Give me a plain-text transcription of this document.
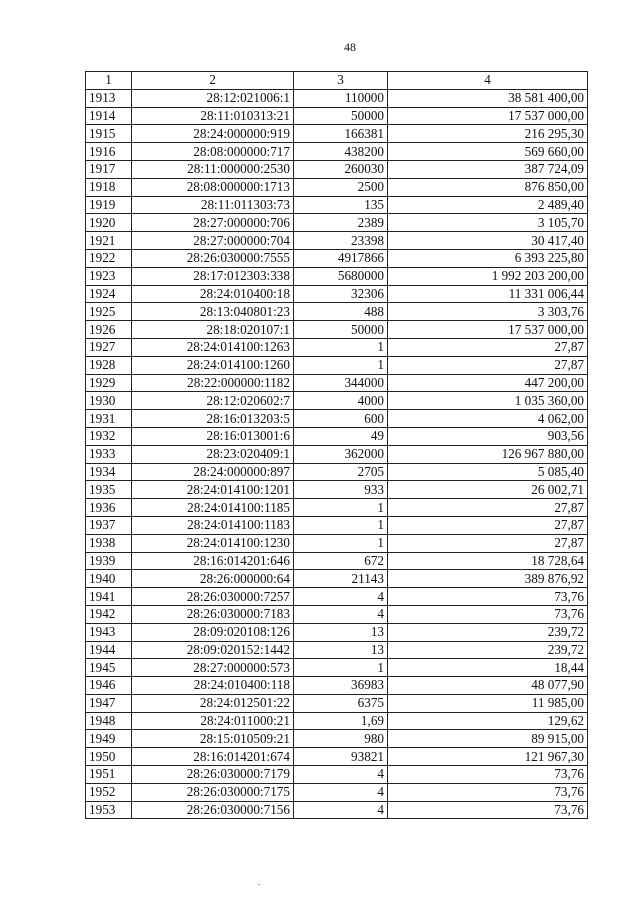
48
1	2	3	4
1913	28:12:021006:1	110000	38 581 400,00
1914	28:11:010313:21	50000	17 537 000,00
1915	28:24:000000:919	166381	216 295,30
1916	28:08:000000:717	438200	569 660,00
1917	28:11:000000:2530	260030	387 724,09
1918	28:08:000000:1713	2500	876 850,00
1919	28:11:011303:73	135	2 489,40
1920	28:27:000000:706	2389	3 105,70
1921	28:27:000000:704	23398	30 417,40
1922	28:26:030000:7555	4917866	6 393 225,80
1923	28:17:012303:338	5680000	1 992 203 200,00
1924	28:24:010400:18	32306	11 331 006,44
1925	28:13:040801:23	488	3 303,76
1926	28:18:020107:1	50000	17 537 000,00
1927	28:24:014100:1263	1	27,87
1928	28:24:014100:1260	1	27,87
1929	28:22:000000:1182	344000	447 200,00
1930	28:12:020602:7	4000	1 035 360,00
1931	28:16:013203:5	600	4 062,00
1932	28:16:013001:6	49	903,56
1933	28:23:020409:1	362000	126 967 880,00
1934	28:24:000000:897	2705	5 085,40
1935	28:24:014100:1201	933	26 002,71
1936	28:24:014100:1185	1	27,87
1937	28:24:014100:1183	1	27,87
1938	28:24:014100:1230	1	27,87
1939	28:16:014201:646	672	18 728,64
1940	28:26:000000:64	21143	389 876,92
1941	28:26:030000:7257	4	73,76
1942	28:26:030000:7183	4	73,76
1943	28:09:020108:126	13	239,72
1944	28:09:020152:1442	13	239,72
1945	28:27:000000:573	1	18,44
1946	28:24:010400:118	36983	48 077,90
1947	28:24:012501:22	6375	11 985,00
1948	28:24:011000:21	1,69	129,62
1949	28:15:010509:21	980	89 915,00
1950	28:16:014201:674	93821	121 967,30
1951	28:26:030000:7179	4	73,76
1952	28:26:030000:7175	4	73,76
1953	28:26:030000:7156	4	73,76
